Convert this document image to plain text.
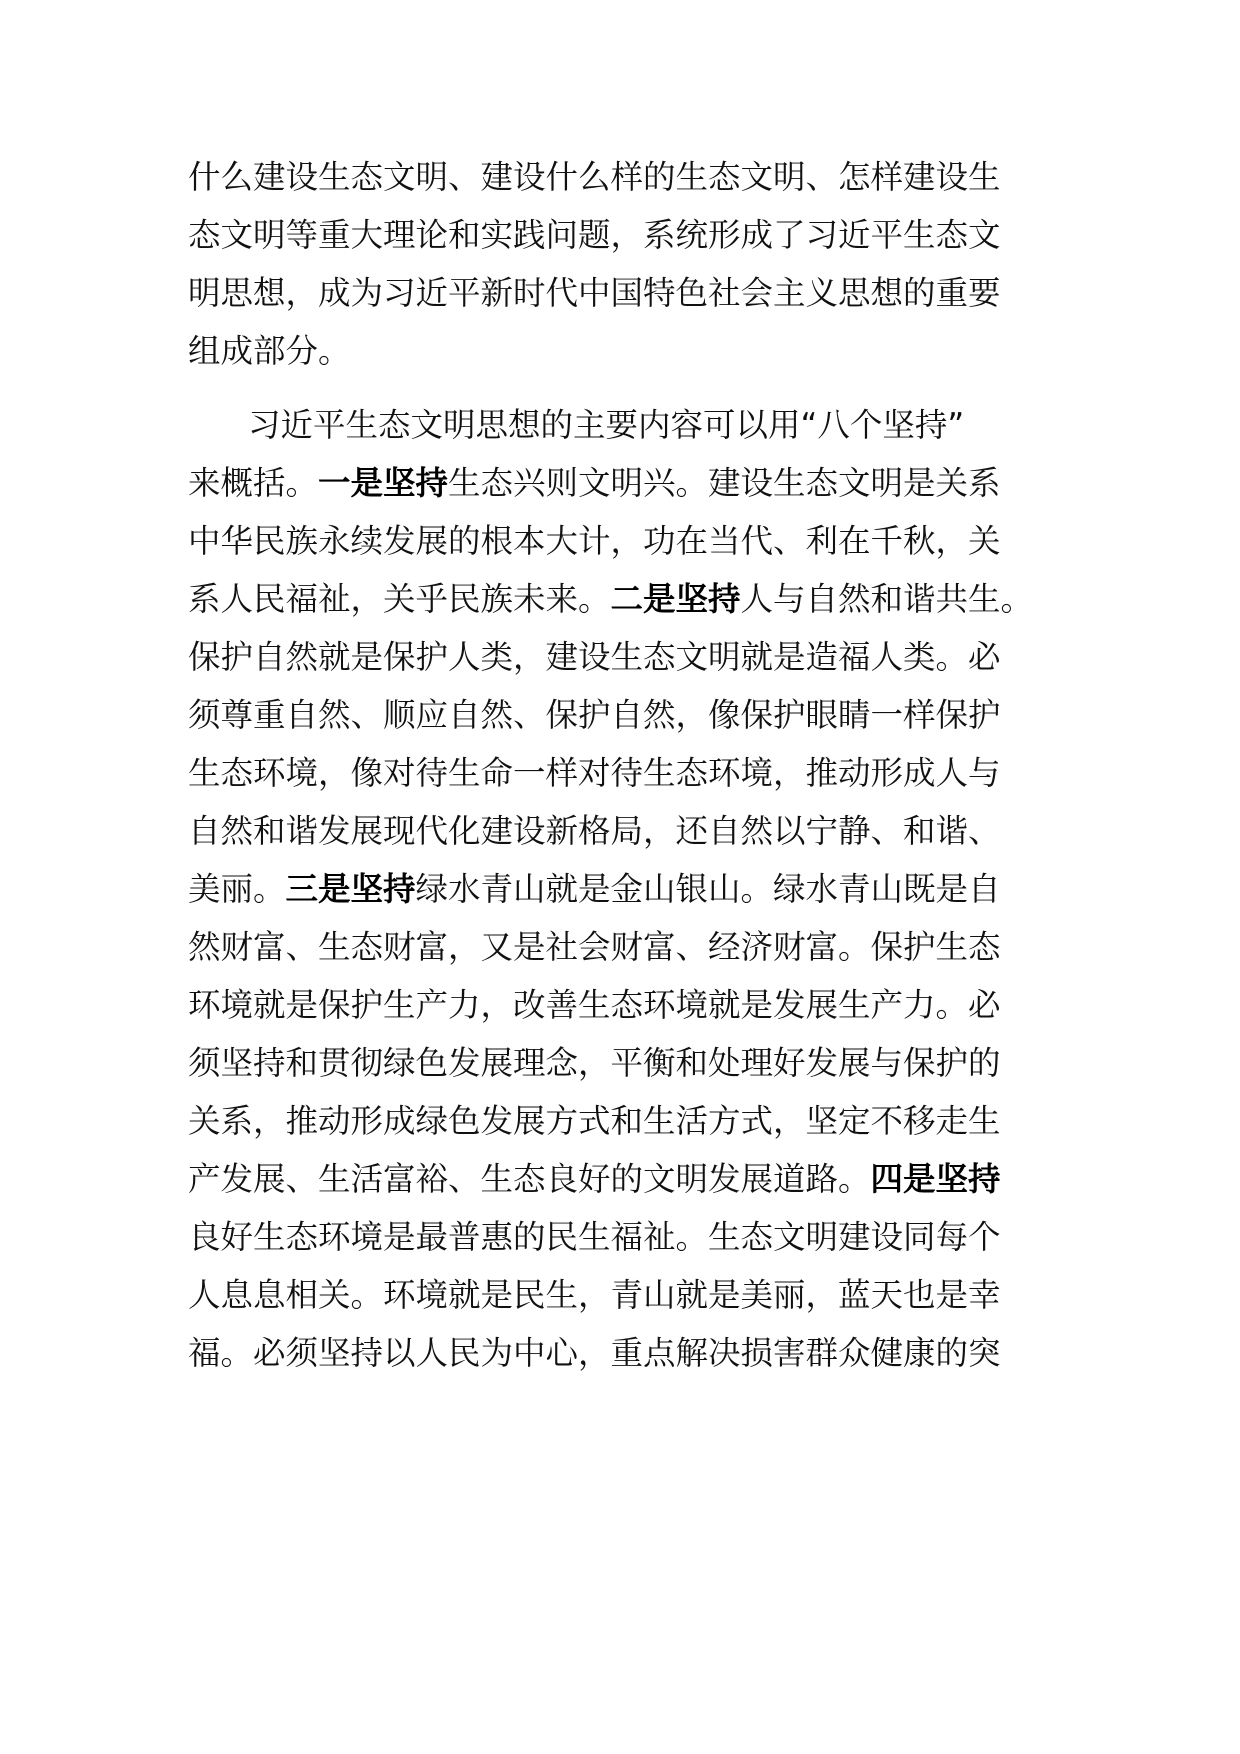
什么建设生态文明、建设什么样的生态文明、怎样建设生
态文明等重大理论和实践问题，系统形成了习近平生态文
明思想，成为习近平新时代中国特色社会主义思想的重要
组成部分。
习近平生态文明思想的主要内容可以用“八个坚持”
来概括。一是坚持生态兴则文明兴。建设生态文明是关系
中华民族永续发展的根本大计，功在当代、利在千秋，关
系人民福祉，关乎民族未来。二是坚持人与自然和谐共生。
保护自然就是保护人类，建设生态文明就是造福人类。必
须尊重自然、顺应自然、保护自然，像保护眼睛一样保护
生态环境，像对待生命一样对待生态环境，推动形成人与
自然和谐发展现代化建设新格局，还自然以宁静、和谐、
美丽。三是坚持绿水青山就是金山银山。绿水青山既是自
然财富、生态财富，又是社会财富、经济财富。保护生态
环境就是保护生产力，改善生态环境就是发展生产力。必
须坚持和贯彻绿色发展理念，平衡和处理好发展与保护的
关系，推动形成绿色发展方式和生活方式，坚定不移走生
产发展、生活富裕、生态良好的文明发展道路。四是坚持
良好生态环境是最普惠的民生福祉。生态文明建设同每个
人息息相关。环境就是民生，青山就是美丽，蓝天也是幸
福。必须坚持以人民为中心，重点解决损害群众健康的突
